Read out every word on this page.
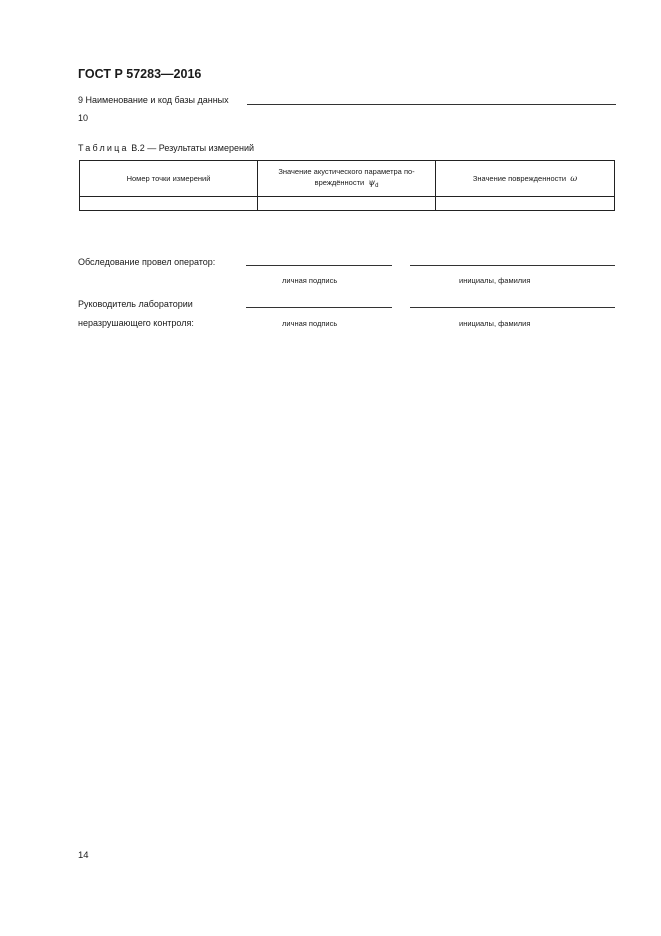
ГОСТ Р 57283—2016
9 Наименование и код базы данных
10
Таблица В.2 — Результаты измерений
Номер точки измерений	Значение акустического параметра по-вреждённости $\psi_d$	Значение поврежденности ω

Обследование провел оператор:
личная подпись	инициалы, фамилия
Руководитель лаборатории
неразрушающего контроля:	личная подпись	инициалы, фамилия
14
